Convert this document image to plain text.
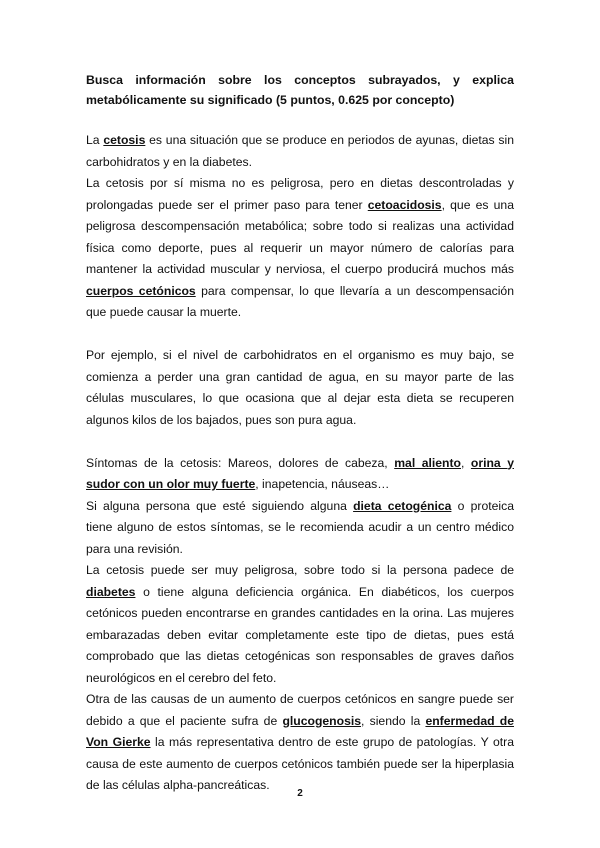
Busca información sobre los conceptos subrayados, y explica metabólicamente su significado (5 puntos, 0.625 por concepto)

La cetosis es una situación que se produce en periodos de ayunas, dietas sin carbohidratos y en la diabetes.

La cetosis por sí misma no es peligrosa, pero en dietas descontroladas y prolongadas puede ser el primer paso para tener cetoacidosis, que es una peligrosa descompensación metabólica; sobre todo si realizas una actividad física como deporte, pues al requerir un mayor número de calorías para mantener la actividad muscular y nerviosa, el cuerpo producirá muchos más cuerpos cetónicos para compensar, lo que llevaría a un descompensación que puede causar la muerte.

Por ejemplo, si el nivel de carbohidratos en el organismo es muy bajo, se comienza a perder una gran cantidad de agua, en su mayor parte de las células musculares, lo que ocasiona que al dejar esta dieta se recuperen algunos kilos de los bajados, pues son pura agua.

Síntomas de la cetosis: Mareos, dolores de cabeza, mal aliento, orina y sudor con un olor muy fuerte, inapetencia, náuseas…

Si alguna persona que esté siguiendo alguna dieta cetogénica o proteica tiene alguno de estos síntomas, se le recomienda acudir a un centro médico para una revisión.

La cetosis puede ser muy peligrosa, sobre todo si la persona padece de diabetes o tiene alguna deficiencia orgánica. En diabéticos, los cuerpos cetónicos pueden encontrarse en grandes cantidades en la orina. Las mujeres embarazadas deben evitar completamente este tipo de dietas, pues está comprobado que las dietas cetogénicas son responsables de graves daños neurológicos en el cerebro del feto.

Otra de las causas de un aumento de cuerpos cetónicos en sangre puede ser debido a que el paciente sufra de glucogenosis, siendo la enfermedad de Von Gierke la más representativa dentro de este grupo de patologías. Y otra causa de este aumento de cuerpos cetónicos también puede ser la hiperplasia de las células alpha-pancreáticas.

2
